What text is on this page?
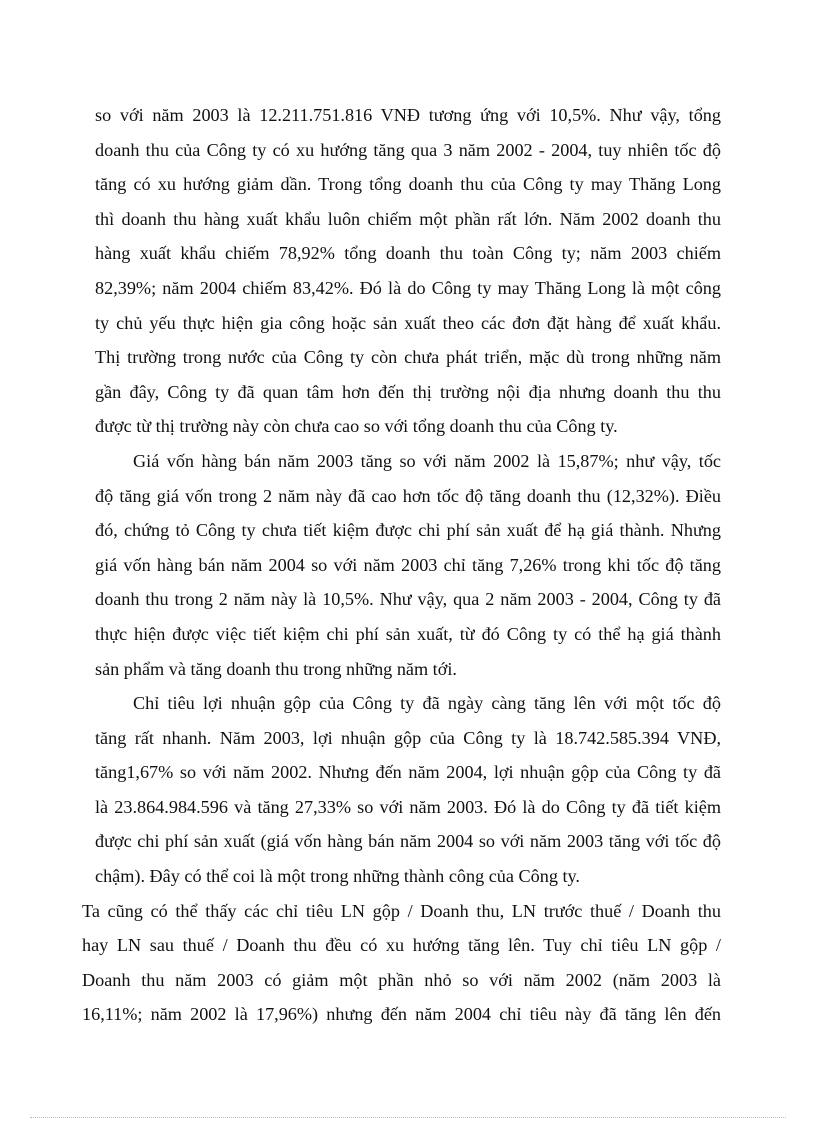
so với năm 2003 là 12.211.751.816 VNĐ tương ứng với 10,5%. Như vậy, tổng
doanh thu của Công ty có xu hướng tăng qua 3 năm 2002 - 2004, tuy nhiên tốc độ
tăng có xu hướng giảm dần. Trong tổng doanh thu của Công ty may Thăng Long
thì doanh thu hàng xuất khẩu luôn chiếm một phần rất lớn. Năm 2002 doanh thu
hàng xuất khẩu chiếm 78,92% tổng doanh thu toàn Công ty; năm 2003 chiếm
82,39%; năm 2004 chiếm 83,42%. Đó là do Công ty may Thăng Long là một công
ty chủ yếu thực hiện gia công hoặc sản xuất theo các đơn đặt hàng để xuất khẩu.
Thị trường trong nước của Công ty còn chưa phát triển, mặc dù trong những năm
gần đây, Công ty đã quan tâm hơn đến thị trường nội địa nhưng doanh thu thu
được từ thị trường này còn chưa cao so với tổng doanh thu của Công ty.
Giá vốn hàng bán năm 2003 tăng so với năm 2002 là 15,87%; như vậy, tốc
độ tăng giá vốn trong 2 năm này đã cao hơn tốc độ tăng doanh thu (12,32%). Điều
đó, chứng tỏ Công ty chưa tiết kiệm được chi phí sản xuất để hạ giá thành. Nhưng
giá vốn hàng bán năm 2004 so với năm 2003 chỉ tăng 7,26% trong khi tốc độ tăng
doanh thu trong 2 năm này là 10,5%. Như vậy, qua 2 năm 2003 - 2004, Công ty đã
thực hiện được việc tiết kiệm chi phí sản xuất, từ đó Công ty có thể hạ giá thành
sản phẩm và tăng doanh thu trong những năm tới.
Chỉ tiêu lợi nhuận gộp của Công ty đã ngày càng tăng lên với một tốc độ
tăng rất nhanh. Năm 2003, lợi nhuận gộp của Công ty là 18.742.585.394 VNĐ,
tăng1,67% so với năm 2002. Nhưng đến năm 2004, lợi nhuận gộp của Công ty đã
là 23.864.984.596 và tăng 27,33% so với năm 2003. Đó là do Công ty đã tiết kiệm
được chi phí sản xuất (giá vốn hàng bán năm 2004 so với năm 2003 tăng với tốc độ
chậm). Đây có thể coi là một trong những thành công của Công ty.
Ta cũng có thể thấy các chỉ tiêu LN gộp / Doanh thu, LN trước thuế / Doanh thu
hay LN sau thuế / Doanh thu đều có xu hướng tăng lên. Tuy chỉ tiêu LN gộp /
Doanh thu năm 2003 có giảm một phần nhỏ so với năm 2002 (năm 2003 là
16,11%; năm 2002 là 17,96%) nhưng đến năm 2004 chỉ tiêu này đã tăng lên đến
